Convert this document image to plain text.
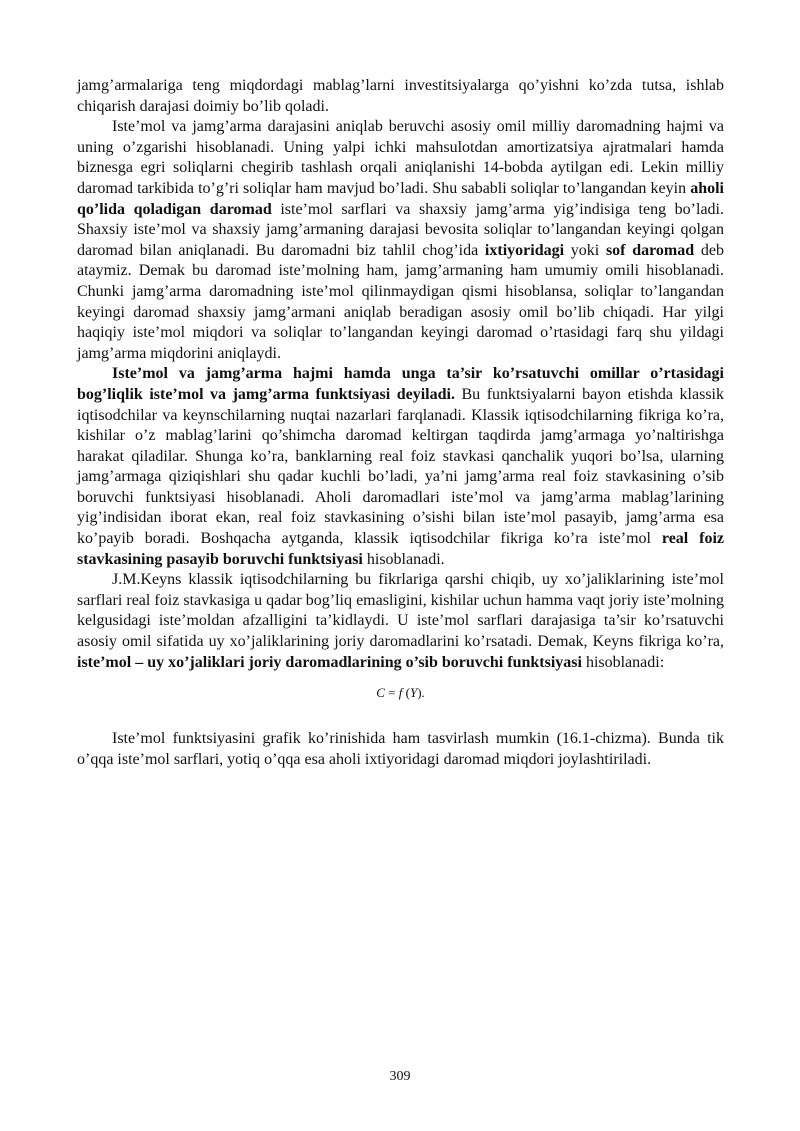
jamg’armalariga teng miqdordagi mablag’larni investitsiyalarga qo’yishni ko’zda tutsa, ishlab chiqarish darajasi doimiy bo’lib qoladi.

Iste’mol va jamg’arma darajasini aniqlab beruvchi asosiy omil milliy daromadning hajmi va uning o’zgarishi hisoblanadi. Uning yalpi ichki mahsulotdan amortizatsiya ajratmalari hamda biznesga egri soliqlarni chegirib tashlash orqali aniqlanishi 14-bobda aytilgan edi. Lekin milliy daromad tarkibida to’g’ri soliqlar ham mavjud bo’ladi. Shu sababli soliqlar to’langandan keyin aholi qo’lida qoladigan daromad iste’mol sarflari va shaxsiy jamg’arma yig’indisiga teng bo’ladi. Shaxsiy iste’mol va shaxsiy jamg’armaning darajasi bevosita soliqlar to’langandan keyingi qolgan daromad bilan aniqlanadi. Bu daromadni biz tahlil chog’ida ixtiyoridagi yoki sof daromad deb ataymiz. Demak bu daromad iste’molning ham, jamg’armaning ham umumiy omili hisoblanadi. Chunki jamg’arma daromadning iste’mol qilinmaydigan qismi hisoblansa, soliqlar to’langandan keyingi daromad shaxsiy jamg’armani aniqlab beradigan asosiy omil bo’lib chiqadi. Har yilgi haqiqiy iste’mol miqdori va soliqlar to’langandan keyingi daromad o’rtasidagi farq shu yildagi jamg’arma miqdorini aniqlaydi.

Iste’mol va jamg’arma hajmi hamda unga ta’sir ko’rsatuvchi omillar o’rtasidagi bog’liqlik iste’mol va jamg’arma funktsiyasi deyiladi. Bu funktsiyalarni bayon etishda klassik iqtisodchilar va keynschilarning nuqtai nazarlari farqlanadi. Klassik iqtisodchilarning fikriga ko’ra, kishilar o’z mablag’larini qo’shimcha daromad keltirgan taqdirda jamg’armaga yo’naltirishga harakat qiladilar. Shunga ko’ra, banklarning real foiz stavkasi qanchalik yuqori bo’lsa, ularning jamg’armaga qiziqishlari shu qadar kuchli bo’ladi, ya’ni jamg’arma real foiz stavkasining o’sib boruvchi funktsiyasi hisoblanadi. Aholi daromadlari iste’mol va jamg’arma mablag’larining yig’indisidan iborat ekan, real foiz stavkasining o’sishi bilan iste’mol pasayib, jamg’arma esa ko’payib boradi. Boshqacha aytganda, klassik iqtisodchilar fikriga ko’ra iste’mol real foiz stavkasining pasayib boruvchi funktsiyasi hisoblanadi.

J.M.Keyns klassik iqtisodchilarning bu fikrlariga qarshi chiqib, uy xo’jaliklarining iste’mol sarflari real foiz stavkasiga u qadar bog’liq emasligini, kishilar uchun hamma vaqt joriy iste’molning kelgusidagi iste’moldan afzalligini ta’kidlaydi. U iste’mol sarflari darajasiga ta’sir ko’rsatuvchi asosiy omil sifatida uy xo’jaliklarining joriy daromadlarini ko’rsatadi. Demak, Keyns fikriga ko’ra, iste’mol – uy xo’jaliklari joriy daromadlarining o’sib boruvchi funktsiyasi hisoblanadi:

C = f (Y).

Iste’mol funktsiyasini grafik ko’rinishida ham tasvirlash mumkin (16.1-chizma). Bunda tik o’qqa iste’mol sarflari, yotiq o’qqa esa aholi ixtiyoridagi daromad miqdori joylashtiriladi.

309
